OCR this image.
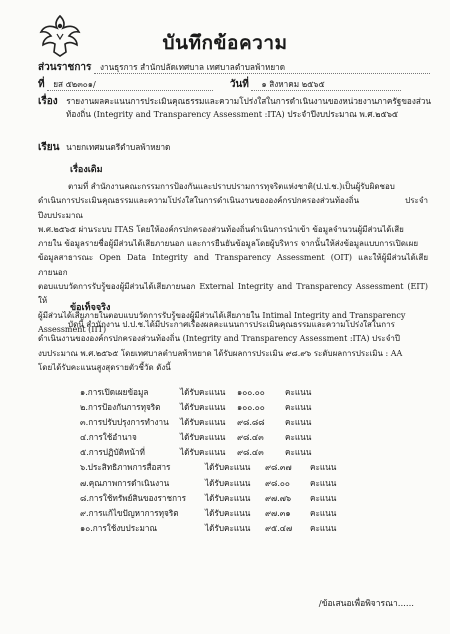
บันทึกข้อความ
ส่วนราชการ งานธุรการ สำนักปลัดเทศบาล เทศบาลตำบลพ้าหยาด
ที่ ยส ๕๒๓๐๑/	วันที่ ๑ สิงหาคม ๒๕๖๕
เรื่อง รายงานผลคะแนนการประเมินคุณธรรมและความโปร่งใสในการดำเนินงานของหน่วยงานภาครัฐของส่วน
ท้องถิ่น (Integrity and Transparency Assessment :ITA) ประจำปีงบประมาณ พ.ศ.๒๕๖๕
เรียน นายกเทศมนตรีตำบลพ้าหยาด
เรื่องเดิม
ตามที่ สำนักงานคณะกรรมการป้องกันและปราบปรามการทุจริตแห่งชาติ(ป.ป.ช.)เป็นผู้รับผิดชอบ
ดำเนินการประเมินคุณธรรมและความโปร่งใสในการดำเนินงานขององค์กรปกครองส่วนท้องถิ่น ประจำปีงบประมาณ
พ.ศ.๒๕๖๕ ผ่านระบบ ITAS โดยให้องค์กรปกครองส่วนท้องถิ่นดำเนินการนำเข้า ข้อมูลจำนวนผู้มีส่วนได้เสีย
ภายใน ข้อมูลรายชื่อผู้มีส่วนได้เสียภายนอก และการยืนยันข้อมูลโดยผู้บริหาร จากนั้นให้ส่งข้อมูลแบบการเปิดเผย
ข้อมูลสาธารณะ Open Data Integrity and Transparency Assessment (OIT) และให้ผู้มีส่วนได้เสียภายนอก
ตอบแบบวัดการรับรู้ของผู้มีส่วนได้เสียภายนอก External Integrity and Transparency Assessment (EIT) ให้
ผู้มีส่วนได้เสียภายในตอบแบบวัดการรับรู้ของผู้มีส่วนได้เสียภายใน Intimal Integrity and Transparency
Assessment (IIT)
ข้อเท็จจริง
บัดนี้ สำนักงาน ป.ป.ช.ได้มีประกาศเรื่องผลคะแนนการประเมินคุณธรรมและความโปร่งใสในการ
ดำเนินงานขององค์กรปกครองส่วนท้องถิ่น (Integrity and Transparency Assessment :ITA) ประจำปี
งบประมาณ พ.ศ.๒๕๖๕ โดยเทศบาลตำบลพ้าหยาด ได้รับผลการประเมิน ๙๘.๙๖ ระดับผลการประเมิน : AA
โดยได้รับคะแนนสูงสุดรายตัวชี้วัด ดังนี้
๑.การเปิดเผยข้อมูล	ได้รับคะแนน ๑๐๐.๐๐ คะแนน
๒.การป้องกันการทุจริต ได้รับคะแนน ๑๐๐.๐๐ คะแนน
๓.การปรับปรุงการทำงาน ได้รับคะแนน ๙๘.๘๘ คะแนน
๔.การใช้อำนาจ	ได้รับคะแนน ๙๘.๔๓	คะแนน
๕.การปฏิบัติหน้าที่	ได้รับคะแนน ๙๘.๔๓	คะแนน
๖.ประสิทธิภาพการสื่อสาร	ได้รับคะแนน ๙๘.๓๗ คะแนน
๗.คุณภาพการดำเนินงาน	ได้รับคะแนน ๙๘.๐๐ คะแนน
๘.การใช้ทรัพย์สินของราชการ ได้รับคะแนน ๙๗.๗๖ คะแนน
๙.การแก้ไขปัญหาการทุจริต	ได้รับคะแนน ๙๗.๓๑ คะแนน
๑๐.การใช้งบประมาณ	ได้รับคะแนน ๙๕.๔๗ คะแนน
/ข้อเสนอเพื่อพิจารณา......
